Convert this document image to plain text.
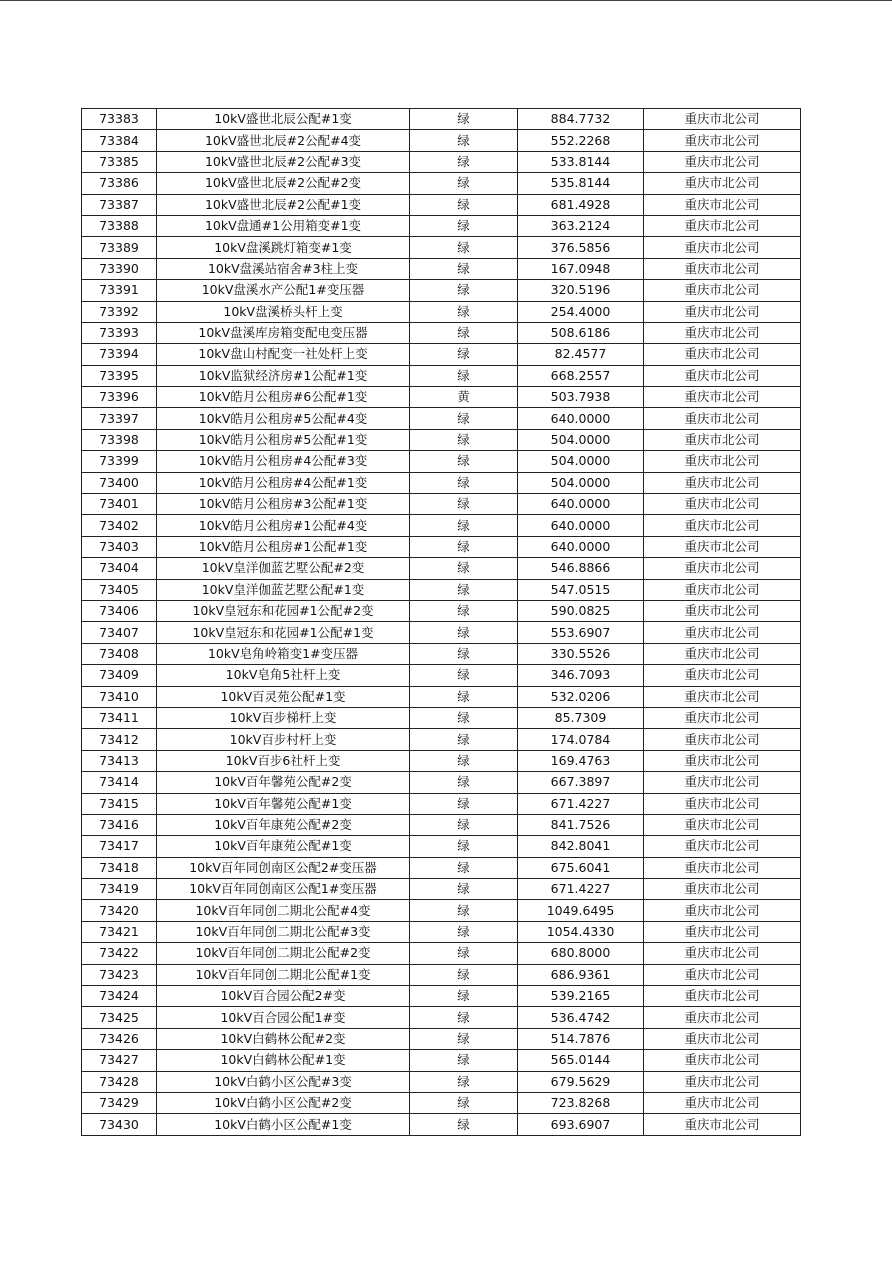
73383	10kV盛世北辰公配#1变	绿	884.7732	重庆市北公司
73384	10kV盛世北辰#2公配#4变	绿	552.2268	重庆市北公司
73385	10kV盛世北辰#2公配#3变	绿	533.8144	重庆市北公司
73386	10kV盛世北辰#2公配#2变	绿	535.8144	重庆市北公司
73387	10kV盛世北辰#2公配#1变	绿	681.4928	重庆市北公司
73388	10kV盘通#1公用箱变#1变	绿	363.2124	重庆市北公司
73389	10kV盘溪跳灯箱变#1变	绿	376.5856	重庆市北公司
73390	10kV盘溪站宿舍#3柱上变	绿	167.0948	重庆市北公司
73391	10kV盘溪水产公配1#变压器	绿	320.5196	重庆市北公司
73392	10kV盘溪桥头杆上变	绿	254.4000	重庆市北公司
73393	10kV盘溪库房箱变配电变压器	绿	508.6186	重庆市北公司
73394	10kV盘山村配变一社处杆上变	绿	82.4577	重庆市北公司
73395	10kV监狱经济房#1公配#1变	绿	668.2557	重庆市北公司
73396	10kV皓月公租房#6公配#1变	黄	503.7938	重庆市北公司
73397	10kV皓月公租房#5公配#4变	绿	640.0000	重庆市北公司
73398	10kV皓月公租房#5公配#1变	绿	504.0000	重庆市北公司
73399	10kV皓月公租房#4公配#3变	绿	504.0000	重庆市北公司
73400	10kV皓月公租房#4公配#1变	绿	504.0000	重庆市北公司
73401	10kV皓月公租房#3公配#1变	绿	640.0000	重庆市北公司
73402	10kV皓月公租房#1公配#4变	绿	640.0000	重庆市北公司
73403	10kV皓月公租房#1公配#1变	绿	640.0000	重庆市北公司
73404	10kV皇洋伽蓝艺墅公配#2变	绿	546.8866	重庆市北公司
73405	10kV皇洋伽蓝艺墅公配#1变	绿	547.0515	重庆市北公司
73406	10kV皇冠东和花园#1公配#2变	绿	590.0825	重庆市北公司
73407	10kV皇冠东和花园#1公配#1变	绿	553.6907	重庆市北公司
73408	10kV皂角岭箱变1#变压器	绿	330.5526	重庆市北公司
73409	10kV皂角5社杆上变	绿	346.7093	重庆市北公司
73410	10kV百灵苑公配#1变	绿	532.0206	重庆市北公司
73411	10kV百步梯杆上变	绿	85.7309	重庆市北公司
73412	10kV百步村杆上变	绿	174.0784	重庆市北公司
73413	10kV百步6社杆上变	绿	169.4763	重庆市北公司
73414	10kV百年馨苑公配#2变	绿	667.3897	重庆市北公司
73415	10kV百年馨苑公配#1变	绿	671.4227	重庆市北公司
73416	10kV百年康苑公配#2变	绿	841.7526	重庆市北公司
73417	10kV百年康苑公配#1变	绿	842.8041	重庆市北公司
73418	10kV百年同创南区公配2#变压器	绿	675.6041	重庆市北公司
73419	10kV百年同创南区公配1#变压器	绿	671.4227	重庆市北公司
73420	10kV百年同创二期北公配#4变	绿	1049.6495	重庆市北公司
73421	10kV百年同创二期北公配#3变	绿	1054.4330	重庆市北公司
73422	10kV百年同创二期北公配#2变	绿	680.8000	重庆市北公司
73423	10kV百年同创二期北公配#1变	绿	686.9361	重庆市北公司
73424	10kV百合园公配2#变	绿	539.2165	重庆市北公司
73425	10kV百合园公配1#变	绿	536.4742	重庆市北公司
73426	10kV白鹤林公配#2变	绿	514.7876	重庆市北公司
73427	10kV白鹤林公配#1变	绿	565.0144	重庆市北公司
73428	10kV白鹤小区公配#3变	绿	679.5629	重庆市北公司
73429	10kV白鹤小区公配#2变	绿	723.8268	重庆市北公司
73430	10kV白鹤小区公配#1变	绿	693.6907	重庆市北公司
